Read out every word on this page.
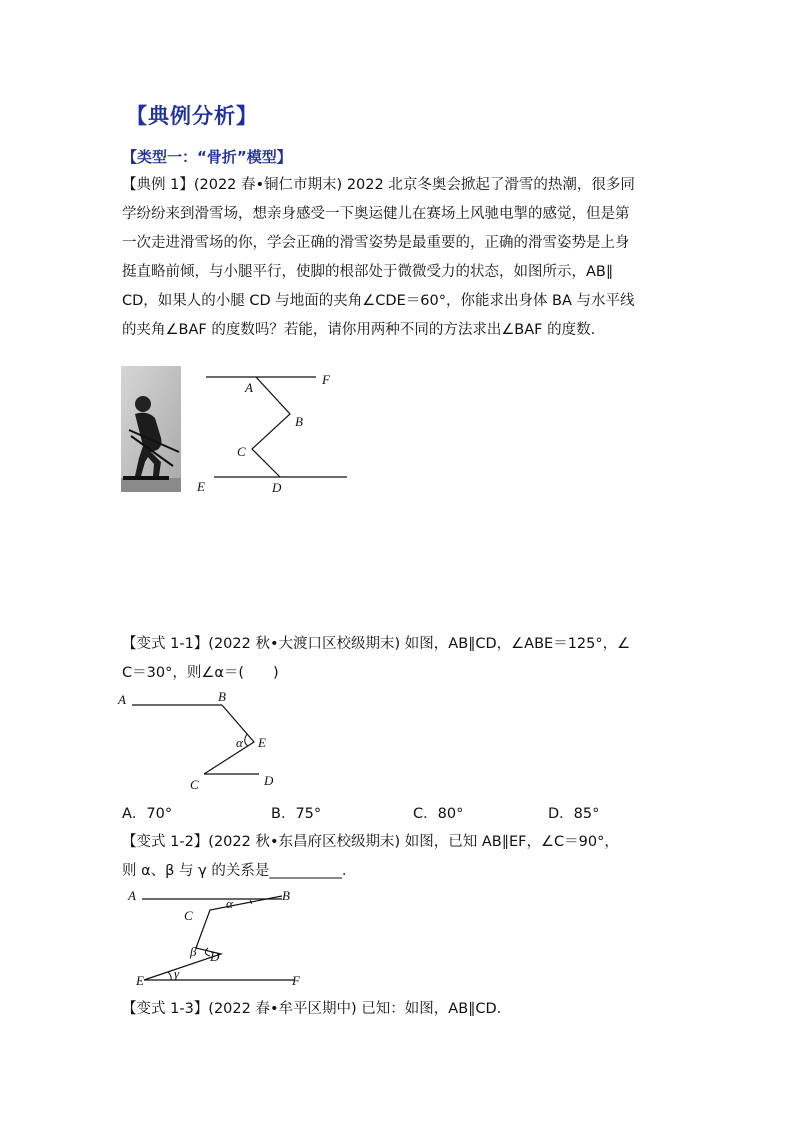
【典例分析】
【类型一：“骨折”模型】
【典例 1】(2022 春•铜仁市期末) 2022 北京冬奥会掀起了滑雪的热潮，很多同
学纷纷来到滑雪场，想亲身感受一下奥运健儿在赛场上风驰电掣的感觉，但是第
一次走进滑雪场的你，学会正确的滑雪姿势是最重要的，正确的滑雪姿势是上身
挺直略前倾，与小腿平行，使脚的根部处于微微受力的状态，如图所示，AB∥
CD，如果人的小腿 CD 与地面的夹角∠CDE＝60°，你能求出身体 BA 与水平线
的夹角∠BAF 的度数吗？若能，请你用两种不同的方法求出∠BAF 的度数.
A
F
B
C
E	D
【变式 1-1】(2022 秋•大渡口区校级期末) 如图，AB∥CD，∠ABE＝125°，∠
C＝30°，则∠α＝(　　)
A	B
E
α
C	D
A．70°	B．75°	C．80°	D．85°
【变式 1-2】(2022 秋•东昌府区校级期末) 如图，已知 AB∥EF，∠C＝90°，
则 α、β 与 γ 的关系是__________.
A	B
α
C
β D
γ
E	F
【变式 1-3】(2022 春•牟平区期中) 已知：如图，AB∥CD.
